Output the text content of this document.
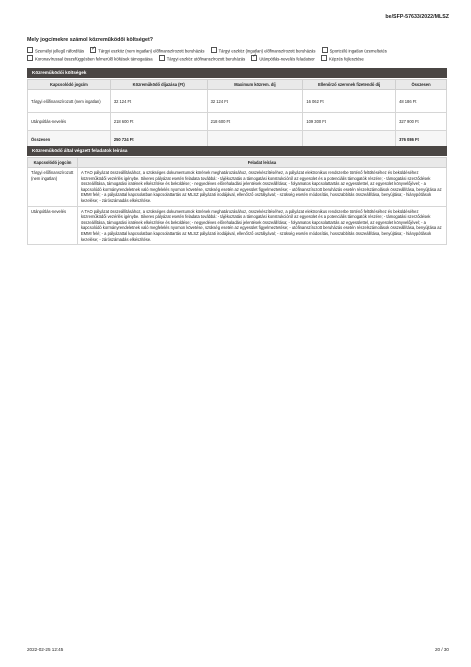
be/SFP-57633/2022/MLSZ
Mely jogcímekre számol közreműködői költséget?
Személyi jellegű ráfordítás ✓	Tárgyi eszköz (nem ingatlan) előfinanszírozott beruházás	Tárgyi eszköz (ingatlan) előfinanszírozott beruházás	Sportcélú ingatlan üzemeltetés
Koronavírussal összefüggésben felmerülő költések támogatása	Tárgyi eszköz utófinanszírozott beruházás ✓	Utánpótlás-nevelés feladatsor	Képzés fejlesztése
Közreműködői költségek
Kapcsolódó jogcím	Közreműködő díjazása (Ft)	Maximum közrem. díj	Ellenőrző szervnek fizetendő díj	Összesen
Tárgyi előfinanszírozott (nem ingatlan)	32 124 Ft	32 124 Ft	16 062 Ft	48 186 Ft
Utánpótlás-nevelés	218 600 Ft	218 600 Ft	109 300 Ft	327 900 Ft
Összesen	250 724 Ft			376 086 Ft
Közreműködő által végzett feladatok leírása
Kapcsolódó jogcím	Feladat leírása
Tárgyi előfinanszírozott (nem ingatlan)	A TAO pályázat összeállításához, a szükséges dokumentumok körének meghatározásához, összekészítéséhez, a pályázat elektronikus rendszerbe történő feltöltéséhez és beküldéséhez közreműködői vezérlés igénybe. Sikeres pályázat esetén feladata továbbá: - tájékoztatás a támogatási konstrukcióról az egyesület és a potenciális támogatók részére; - támogatási szerződések összeállítása, támogatási iratének elkészítése és beküldése; - negyedéves előrehaladási jelentések összeállítása; - folyamatos kapcsolattartás az egyesülettel, az egyesület könyvelőjével; - a kapcsolódó kormányrendeletnek való megfelelés nyomon követése, szükség esetén az egyesület figyelmeztetése; - utófinanszírozott beruházás esetén részelszámolások összeállítása, benyújtása az EMMI felé; - a pályázattal kapcsolatban kapcsolattartás az MLSZ pályázati irodájával, ellenőrző osztályával; - szükség esetén módosítás, hosszabbítás összeállítása, benyújtása; - hiánypótlások kezelése; - zárószámadás elkészítése.
Utánpótlás-nevelés	A TAO pályázat összeállításához, a szükséges dokumentumok körének meghatározásához, összekészítéséhez, a pályázat elektronikus rendszerbe történő feltöltéséhez és beküldéséhez közreműködői vezérlés igénybe. Sikeres pályázat esetén feladata továbbá: - tájékoztatás a támogatási konstrukcióról az egyesület és a potenciális támogatók részére; - támogatási szerződések összeállítása, támogatási iratének elkészítése és beküldése; - negyedéves előrehaladási jelentések összeállítása; - folyamatos kapcsolattartás az egyesülettel, az egyesület könyvelőjével; - a kapcsolódó kormányrendeletnek való megfelelés nyomon követése, szükség esetén az egyesület figyelmeztetése; - utófinanszírozott beruházás esetén részelszámolások összeállítása, benyújtása az EMMI felé; - a pályázattal kapcsolatban kapcsolattartás az MLSZ pályázati irodájával, ellenőrző osztályával; - szükség esetén módosítás, hosszabbítás összeállítása, benyújtása; - hiánypótlások kezelése; - zárószámadás elkészítése.
2022-02-25 12:45	20 / 30
